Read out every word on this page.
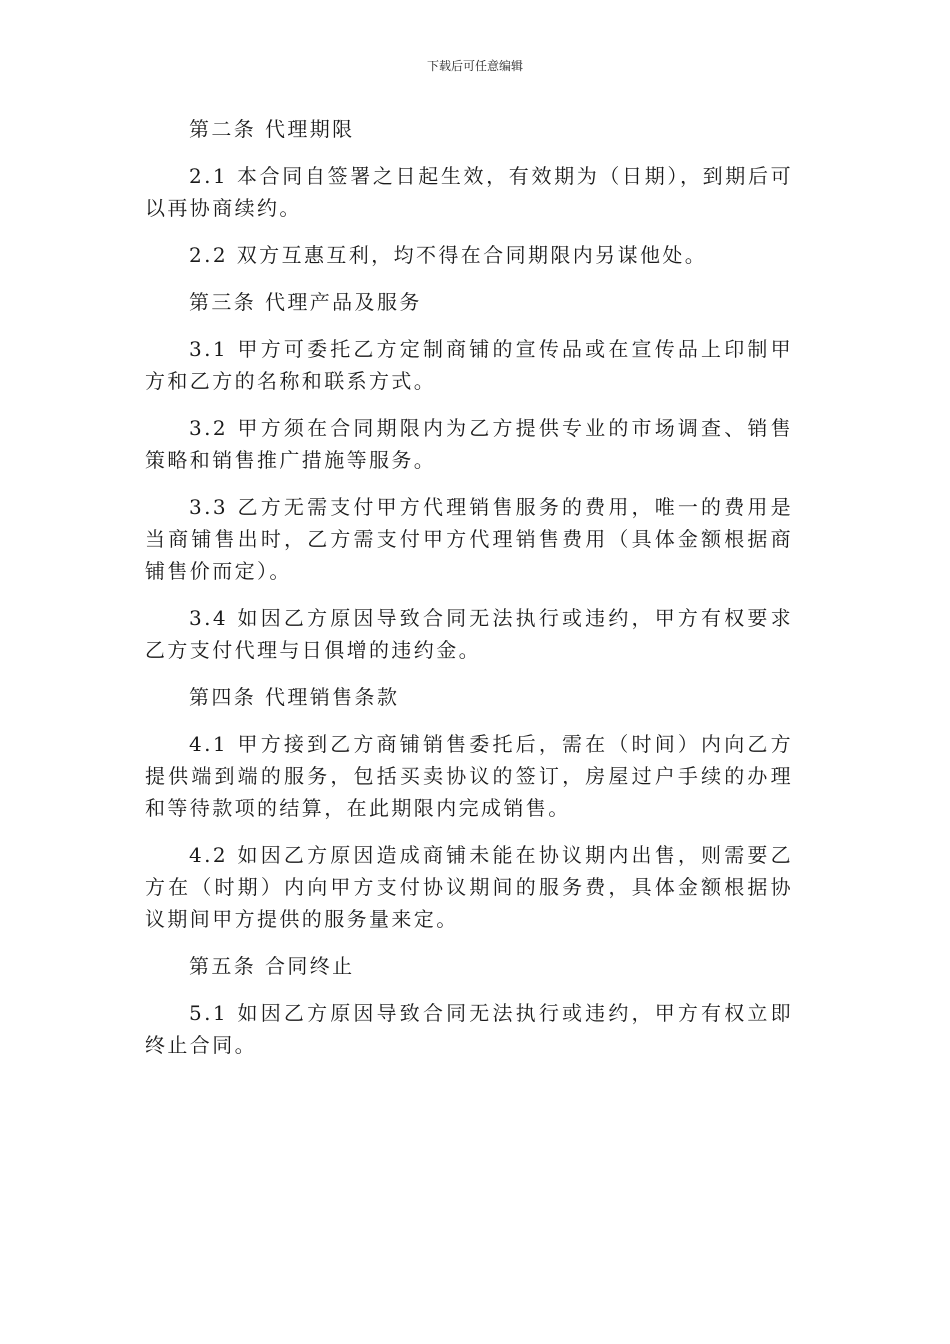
下载后可任意编辑

第二条 代理期限

2.1 本合同自签署之日起生效，有效期为（日期），到期后可以再协商续约。

2.2 双方互惠互利，均不得在合同期限内另谋他处。

第三条 代理产品及服务

3.1 甲方可委托乙方定制商铺的宣传品或在宣传品上印制甲方和乙方的名称和联系方式。

3.2 甲方须在合同期限内为乙方提供专业的市场调查、销售策略和销售推广措施等服务。

3.3 乙方无需支付甲方代理销售服务的费用，唯一的费用是当商铺售出时，乙方需支付甲方代理销售费用（具体金额根据商铺售价而定）。

3.4 如因乙方原因导致合同无法执行或违约，甲方有权要求乙方支付代理与日俱增的违约金。

第四条 代理销售条款

4.1 甲方接到乙方商铺销售委托后，需在（时间）内向乙方提供端到端的服务，包括买卖协议的签订，房屋过户手续的办理和等待款项的结算，在此期限内完成销售。

4.2 如因乙方原因造成商铺未能在协议期内出售，则需要乙方在（时期）内向甲方支付协议期间的服务费，具体金额根据协议期间甲方提供的服务量来定。

第五条 合同终止

5.1 如因乙方原因导致合同无法执行或违约，甲方有权立即终止合同。
